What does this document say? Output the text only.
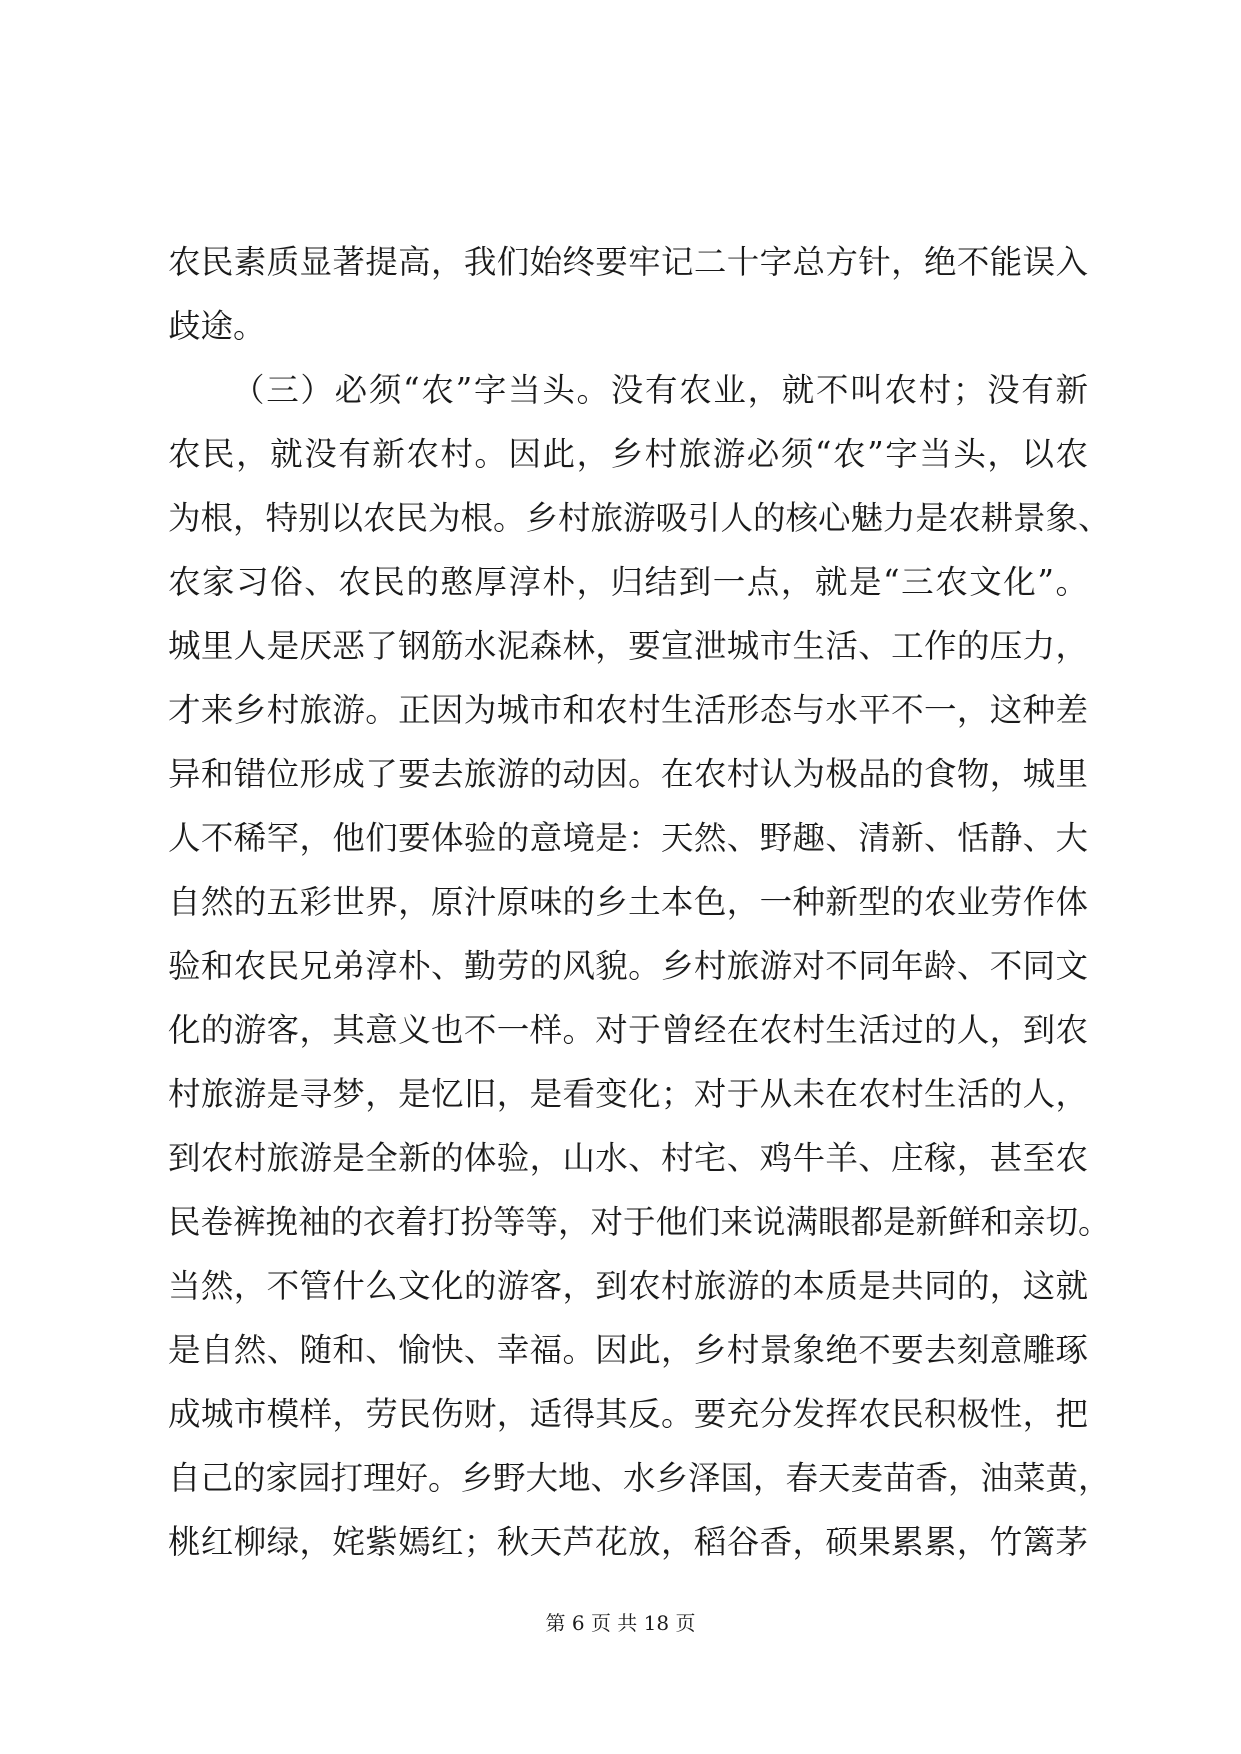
农民素质显著提高，我们始终要牢记二十字总方针，绝不能误入
歧途。
（三）必须“农”字当头。没有农业，就不叫农村；没有新
农民，就没有新农村。因此，乡村旅游必须“农”字当头，以农
为根，特别以农民为根。乡村旅游吸引人的核心魅力是农耕景象、
农家习俗、农民的憨厚淳朴，归结到一点，就是“三农文化”。
城里人是厌恶了钢筋水泥森林，要宣泄城市生活、工作的压力，
才来乡村旅游。正因为城市和农村生活形态与水平不一，这种差
异和错位形成了要去旅游的动因。在农村认为极品的食物，城里
人不稀罕，他们要体验的意境是：天然、野趣、清新、恬静、大
自然的五彩世界，原汁原味的乡土本色，一种新型的农业劳作体
验和农民兄弟淳朴、勤劳的风貌。乡村旅游对不同年龄、不同文
化的游客，其意义也不一样。对于曾经在农村生活过的人，到农
村旅游是寻梦，是忆旧，是看变化；对于从未在农村生活的人，
到农村旅游是全新的体验，山水、村宅、鸡牛羊、庄稼，甚至农
民卷裤挽袖的衣着打扮等等，对于他们来说满眼都是新鲜和亲切。
当然，不管什么文化的游客，到农村旅游的本质是共同的，这就
是自然、随和、愉快、幸福。因此，乡村景象绝不要去刻意雕琢
成城市模样，劳民伤财，适得其反。要充分发挥农民积极性，把
自己的家园打理好。乡野大地、水乡泽国，春天麦苗香，油菜黄，
桃红柳绿，姹紫嫣红；秋天芦花放，稻谷香，硕果累累，竹篱茅
第 6 页 共 18 页
